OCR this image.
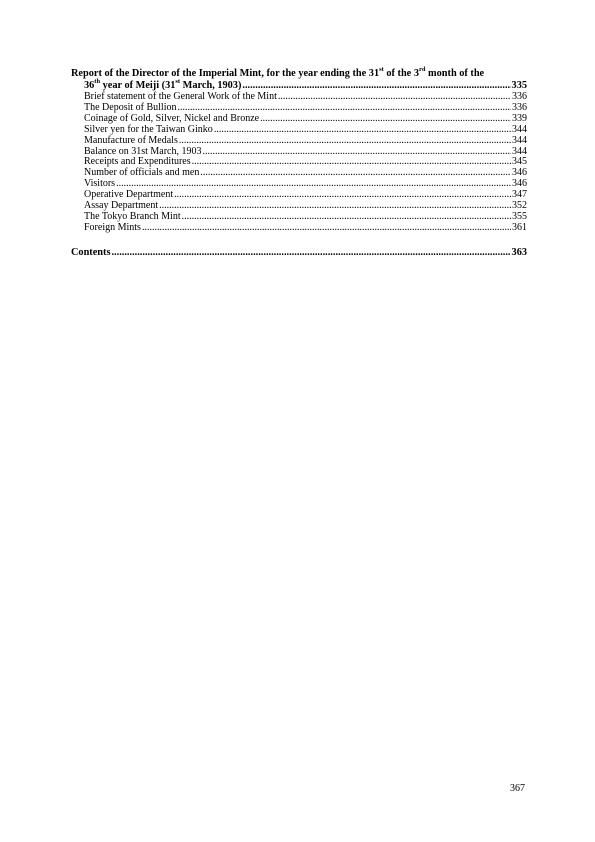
Report of the Director of the Imperial Mint, for the year ending the 31st of the 3rd month of the
36th year of Meiji (31st March, 1903) .....	335
Brief statement of the General Work of the Mint .....	336
The Deposit of Bullion .....	336
Coinage of Gold, Silver, Nickel and Bronze .....	339
Silver yen for the Taiwan Ginko .....	344
Manufacture of Medals .....	344
Balance on 31st March, 1903 .....	344
Receipts and Expenditures .....	345
Number of officials and men .....	346
Visitors .....	346
Operative Department .....	347
Assay Department .....	352
The Tokyo Branch Mint .....	355
Foreign Mints .....	361
Contents .....	363
367
